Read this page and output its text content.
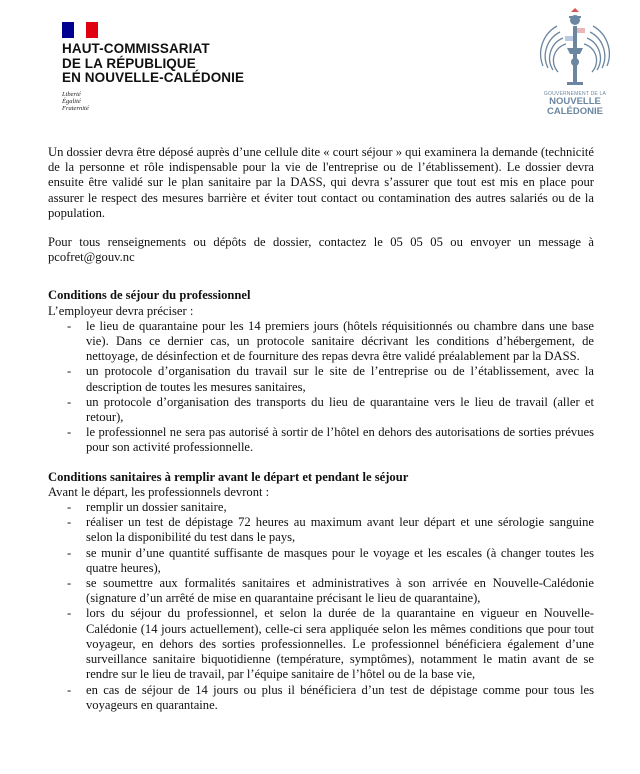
HAUT-COMMISSARIAT
DE LA RÉPUBLIQUE
EN NOUVELLE-CALÉDONIE
Liberté
Égalité
Fraternité
GOUVERNEMENT DE LA
NOUVELLE
CALÉDONIE

Un dossier devra être déposé auprès d’une cellule dite « court séjour » qui examinera la demande (technicité de la personne et rôle indispensable pour la vie de l'entreprise ou de l’établissement). Le dossier devra ensuite être validé sur le plan sanitaire par la DASS, qui devra s’assurer que tout est mis en place pour assurer le respect des mesures barrière et éviter tout contact ou contamination des autres salariés ou de la population.

Pour tous renseignements ou dépôts de dossier, contactez le 05 05 05 ou envoyer un message à pcofret@gouv.nc

Conditions de séjour du professionnel

L’employeur devra préciser :

- le lieu de quarantaine pour les 14 premiers jours (hôtels réquisitionnés ou chambre dans une base vie). Dans ce dernier cas, un protocole sanitaire décrivant les conditions d’hébergement, de nettoyage, de désinfection et de fourniture des repas devra être validé préalablement par la DASS.
- un protocole d’organisation du travail sur le site de l’entreprise ou de l’établissement, avec la description de toutes les mesures sanitaires,
- un protocole d’organisation des transports du lieu de quarantaine vers le lieu de travail (aller et retour),
- le professionnel ne sera pas autorisé à sortir de l’hôtel en dehors des autorisations de sorties prévues pour son activité professionnelle.

Conditions sanitaires à remplir avant le départ et pendant le séjour

Avant le départ, les professionnels devront :

- remplir un dossier sanitaire,
- réaliser un test de dépistage 72 heures au maximum avant leur départ et une sérologie sanguine selon la disponibilité du test dans le pays,
- se munir d’une quantité suffisante de masques pour le voyage et les escales (à changer toutes les quatre heures),
- se soumettre aux formalités sanitaires et administratives à son arrivée en Nouvelle-Calédonie (signature d’un arrêté de mise en quarantaine précisant le lieu de quarantaine),
- lors du séjour du professionnel, et selon la durée de la quarantaine en vigueur en Nouvelle-Calédonie (14 jours actuellement), celle-ci sera appliquée selon les mêmes conditions que pour tout voyageur, en dehors des sorties professionnelles. Le professionnel bénéficiera également d’une surveillance sanitaire biquotidienne (température, symptômes), notamment le matin avant de se rendre sur le lieu de travail, par l’équipe sanitaire de l’hôtel ou de la base vie,
- en cas de séjour de 14 jours ou plus il bénéficiera d’un test de dépistage comme pour tous les voyageurs en quarantaine.
